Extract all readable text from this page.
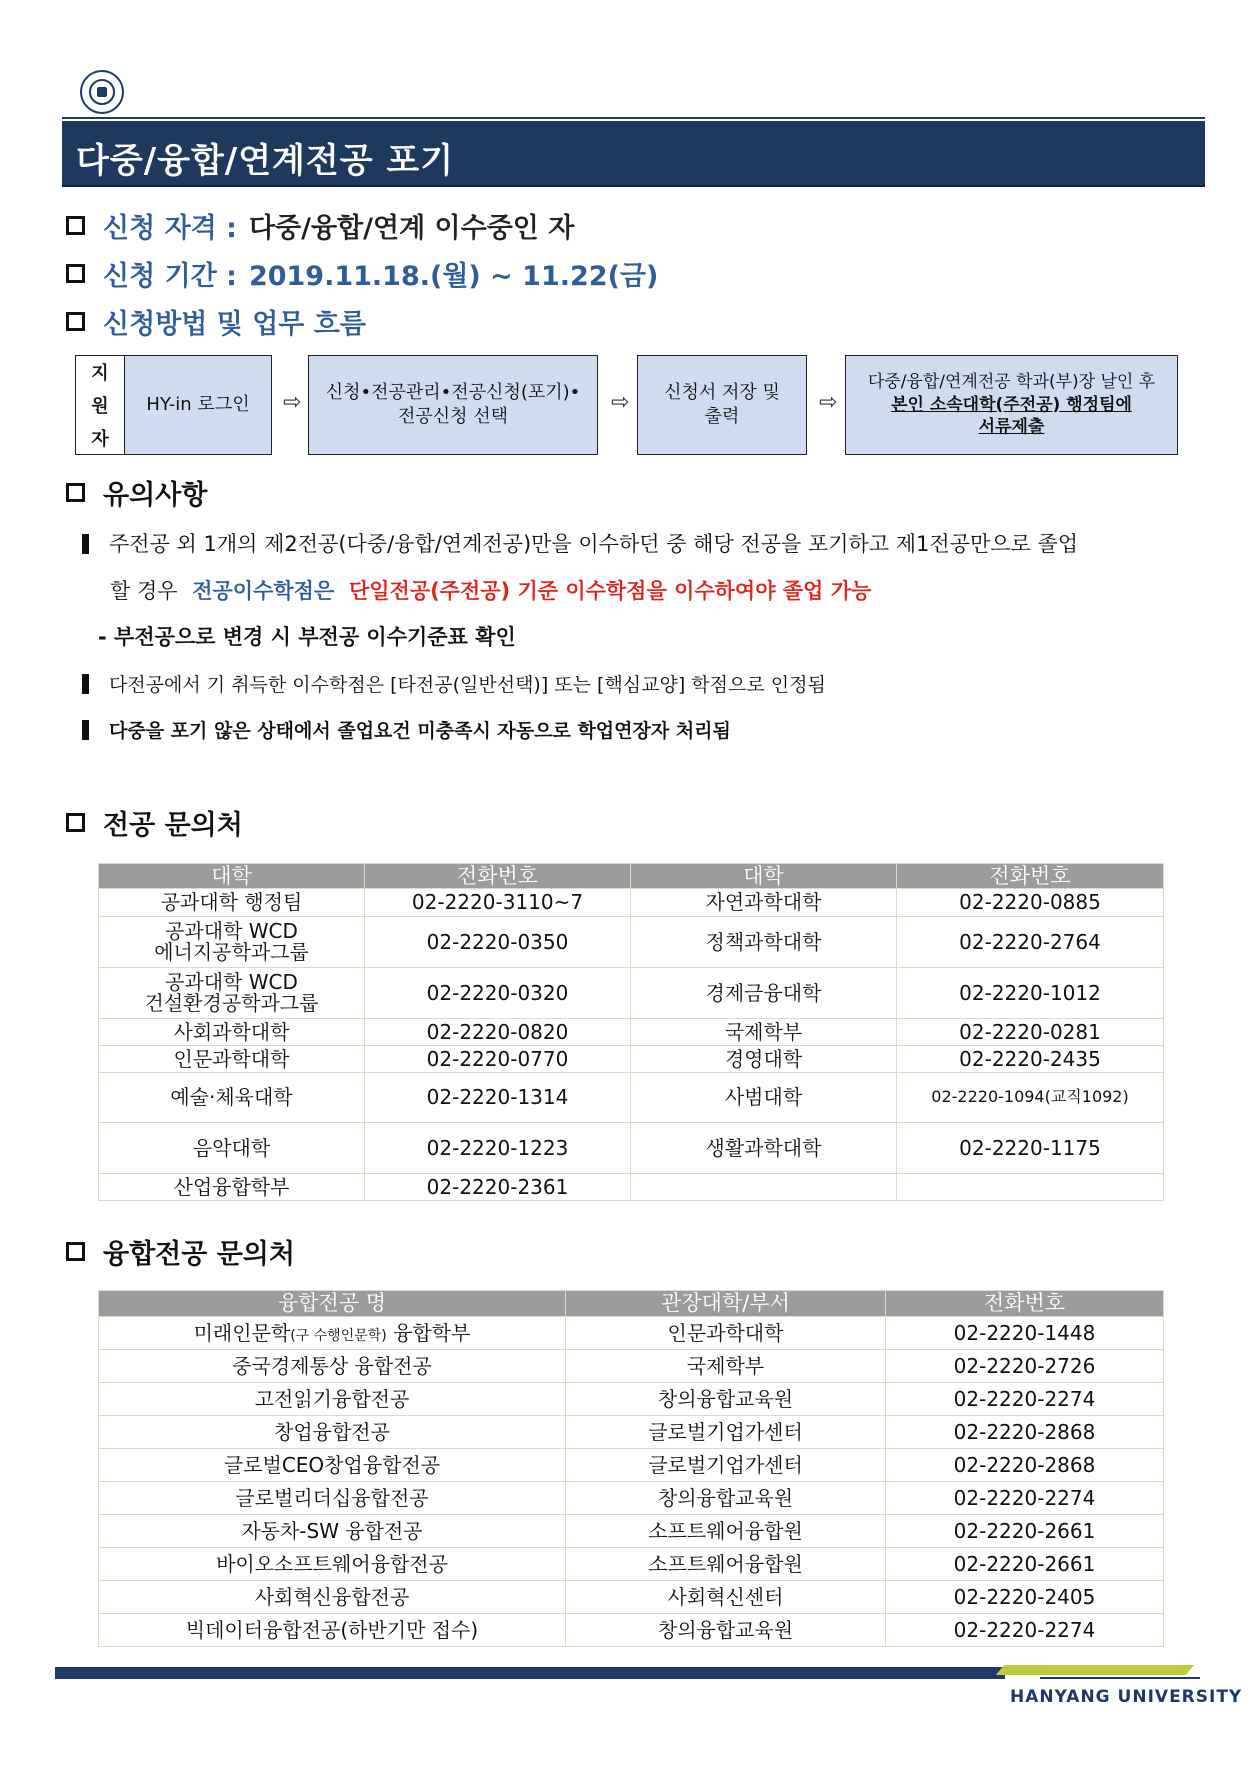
다중/융합/연계전공 포기
신청 자격 : 다중/융합/연계 이수중인 자
신청 기간 : 2019.11.18.(월) ~ 11.22(금)
신청방법 및 업무 흐름
지
원
자
HY-in 로그인 ⇨ 신청•전공관리•전공신청(포기)•
전공신청 선택
⇨ 신청서 저장 및
출력
⇨
다중/융합/연계전공 학과(부)장 날인 후
본인 소속대학(주전공) 행정팀에
서류제출
유의사항
주전공 외 1개의 제2전공(다중/융합/연계전공)만을 이수하던 중 해당 전공을 포기하고 제1전공만으로 졸업
할 경우 전공이수학점은 단일전공(주전공) 기준 이수학점을 이수하여야 졸업 가능
- 부전공으로 변경 시 부전공 이수기준표 확인
다전공에서 기 취득한 이수학점은 [타전공(일반선택)] 또는 [핵심교양] 학점으로 인정됨
다중을 포기 않은 상태에서 졸업요건 미충족시 자동으로 학업연장자 처리됨
전공 문의처
대학	전화번호	대학	전화번호
공과대학 행정팀	02-2220-3110~7	자연과학대학	02-2220-0885
공과대학 WCD
에너지공학과그룹	02-2220-0350	정책과학대학	02-2220-2764
공과대학 WCD
건설환경공학과그룹	02-2220-0320	경제금융대학	02-2220-1012
사회과학대학	02-2220-0820	국제학부	02-2220-0281
인문과학대학	02-2220-0770	경영대학	02-2220-2435
예술·체육대학	02-2220-1314	사범대학	02-2220-1094(교직1092)
음악대학	02-2220-1223	생활과학대학	02-2220-1175
산업융합학부	02-2220-2361		
융합전공 문의처
융합전공 명	관장대학/부서	전화번호
미래인문학(구 수행인문학) 융합학부	인문과학대학	02-2220-1448
중국경제통상 융합전공	국제학부	02-2220-2726
고전읽기융합전공	창의융합교육원	02-2220-2274
창업융합전공	글로벌기업가센터	02-2220-2868
글로벌CEO창업융합전공	글로벌기업가센터	02-2220-2868
글로벌리더십융합전공	창의융합교육원	02-2220-2274
자동차-SW 융합전공	소프트웨어융합원	02-2220-2661
바이오소프트웨어융합전공	소프트웨어융합원	02-2220-2661
사회혁신융합전공	사회혁신센터	02-2220-2405
빅데이터융합전공(하반기만 접수)	창의융합교육원	02-2220-2274
HANYANG UNIVERSITY
